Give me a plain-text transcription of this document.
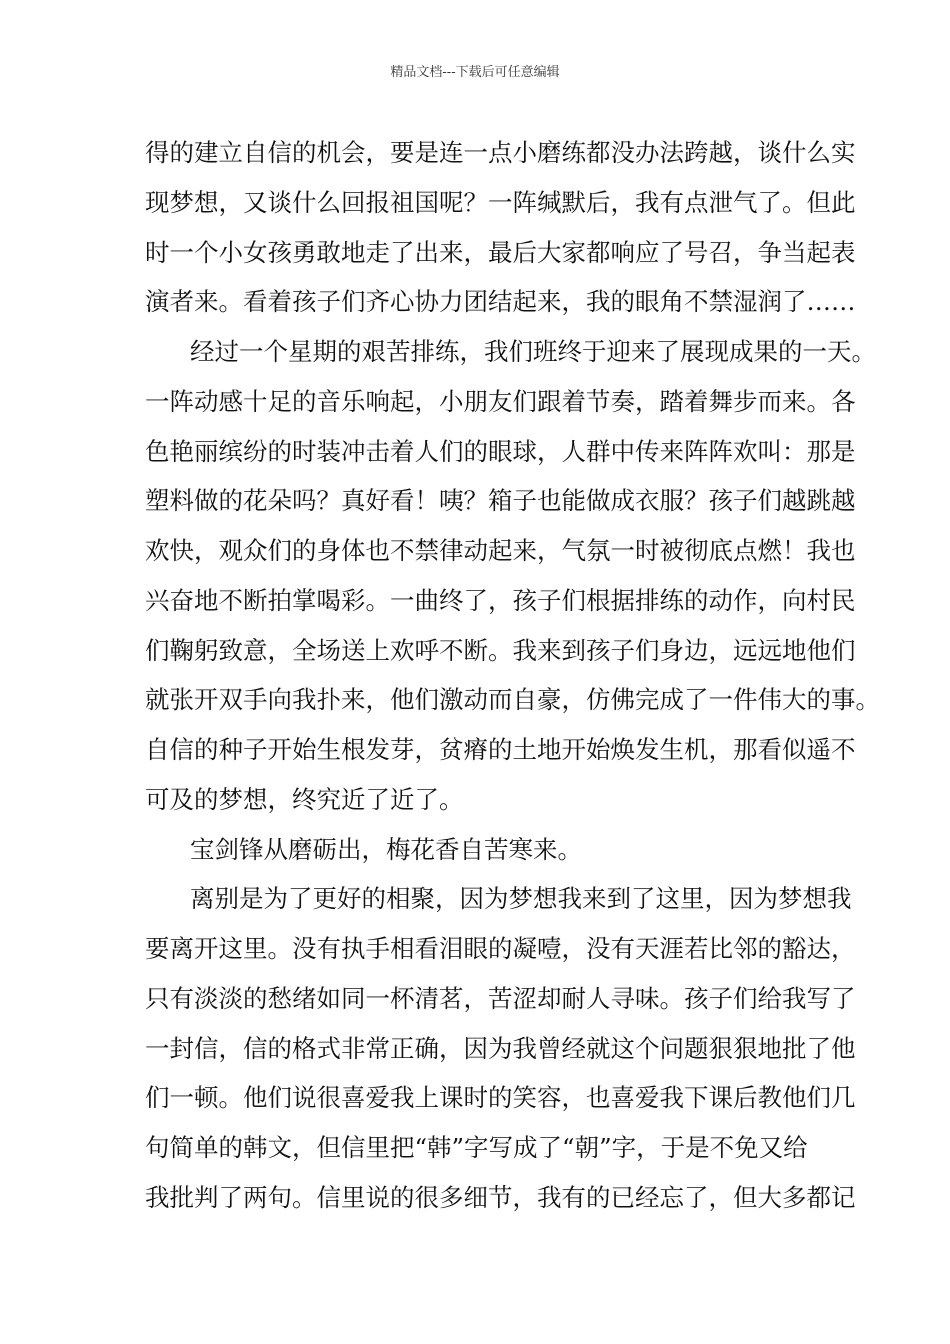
精品文档---下载后可任意编辑
得的建立自信的机会，要是连一点小磨练都没办法跨越，谈什么实
现梦想，又谈什么回报祖国呢？一阵缄默后，我有点泄气了。但此
时一个小女孩勇敢地走了出来，最后大家都响应了号召，争当起表
演者来。看着孩子们齐心协力团结起来，我的眼角不禁湿润了……
经过一个星期的艰苦排练，我们班终于迎来了展现成果的一天。
一阵动感十足的音乐响起，小朋友们跟着节奏，踏着舞步而来。各
色艳丽缤纷的时装冲击着人们的眼球，人群中传来阵阵欢叫：那是
塑料做的花朵吗？真好看！咦？箱子也能做成衣服？孩子们越跳越
欢快，观众们的身体也不禁律动起来，气氛一时被彻底点燃！我也
兴奋地不断拍掌喝彩。一曲终了，孩子们根据排练的动作，向村民
们鞠躬致意，全场送上欢呼不断。我来到孩子们身边，远远地他们
就张开双手向我扑来，他们激动而自豪，仿佛完成了一件伟大的事。
自信的种子开始生根发芽，贫瘠的土地开始焕发生机，那看似遥不
可及的梦想，终究近了近了。
宝剑锋从磨砺出，梅花香自苦寒来。
离别是为了更好的相聚，因为梦想我来到了这里，因为梦想我
要离开这里。没有执手相看泪眼的凝噎，没有天涯若比邻的豁达，
只有淡淡的愁绪如同一杯清茗，苦涩却耐人寻味。孩子们给我写了
一封信，信的格式非常正确，因为我曾经就这个问题狠狠地批了他
们一顿。他们说很喜爱我上课时的笑容，也喜爱我下课后教他们几
句简单的韩文，但信里把“韩”字写成了“朝”字，于是不免又给
我批判了两句。信里说的很多细节，我有的已经忘了，但大多都记
